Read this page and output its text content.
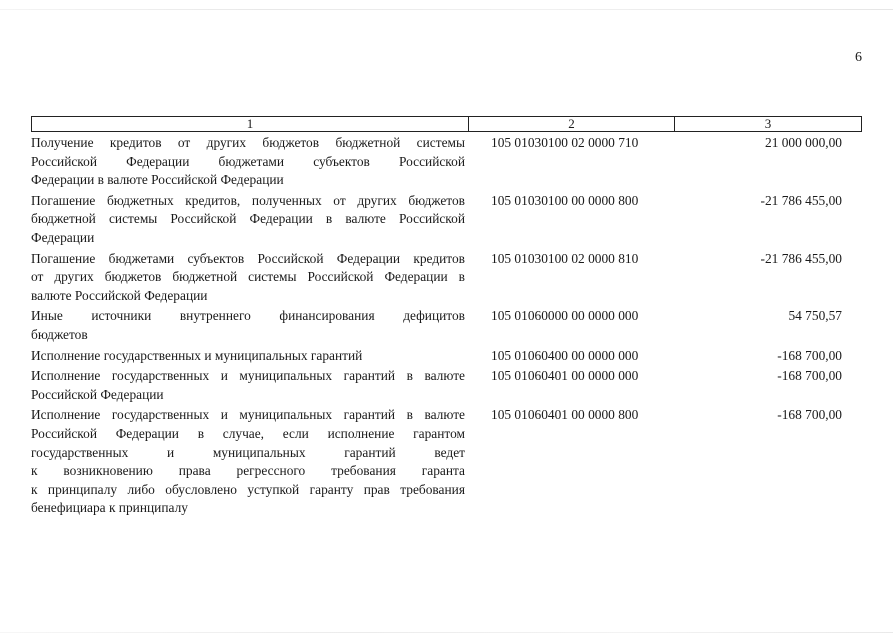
6
1	2	3
Получение кредитов от других бюджетов бюджетной системы
Российской Федерации бюджетами субъектов Российской
Федерации в валюте Российской Федерации
105 01030100 02 0000 710	21 000 000,00
Погашение бюджетных кредитов, полученных от других бюджетов
бюджетной системы Российской Федерации в валюте Российской
Федерации
105 01030100 00 0000 800	-21 786 455,00
Погашение бюджетами субъектов Российской Федерации кредитов
от других бюджетов бюджетной системы Российской Федерации в
валюте Российской Федерации
105 01030100 02 0000 810	-21 786 455,00
Иные источники внутреннего финансирования дефицитов
бюджетов
105 01060000 00 0000 000	54 750,57
Исполнение государственных и муниципальных гарантий	105 01060400 00 0000 000	-168 700,00
Исполнение государственных и муниципальных гарантий в валюте
Российской Федерации
105 01060401 00 0000 000	-168 700,00
Исполнение государственных и муниципальных гарантий в валюте
Российской Федерации в случае, если исполнение гарантом
государственных и муниципальных гарантий ведет
к возникновению права регрессного требования гаранта
к принципалу либо обусловлено уступкой гаранту прав требования
бенефициара к принципалу
105 01060401 00 0000 800	-168 700,00
